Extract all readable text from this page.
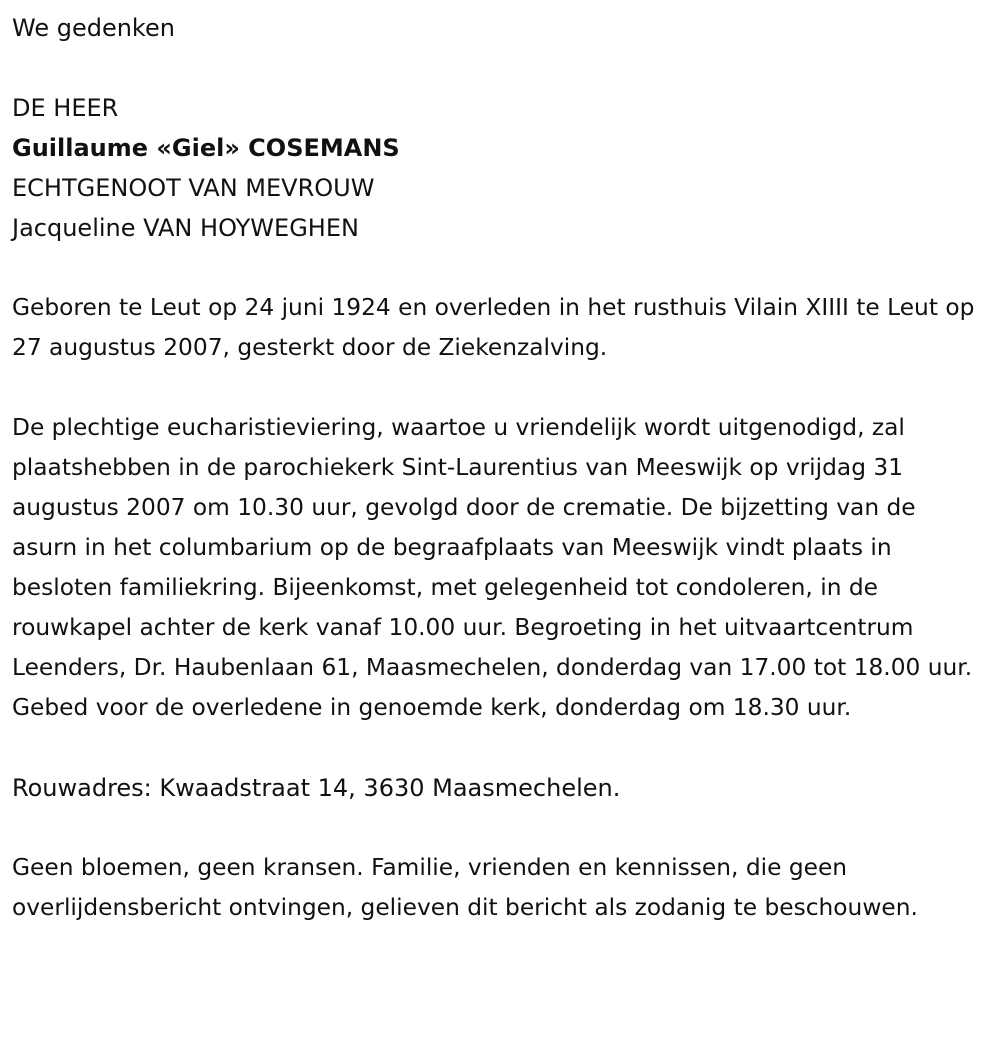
We gedenken

DE HEER

Guillaume «Giel» COSEMANS

ECHTGENOOT VAN MEVROUW

Jacqueline VAN HOYWEGHEN

Geboren te Leut op 24 juni 1924 en overleden in het rusthuis Vilain XIIII te Leut op 27 augustus 2007, gesterkt door de Ziekenzalving.

De plechtige eucharistieviering, waartoe u vriendelijk wordt uitgenodigd, zal plaatshebben in de parochiekerk Sint-Laurentius van Meeswijk op vrijdag 31 augustus 2007 om 10.30 uur, gevolgd door de crematie. De bijzetting van de asurn in het columbarium op de begraafplaats van Meeswijk vindt plaats in besloten familiekring. Bijeenkomst, met gelegenheid tot condoleren, in de rouwkapel achter de kerk vanaf 10.00 uur. Begroeting in het uitvaartcentrum Leenders, Dr. Haubenlaan 61, Maasmechelen, donderdag van 17.00 tot 18.00 uur. Gebed voor de overledene in genoemde kerk, donderdag om 18.30 uur.

Rouwadres: Kwaadstraat 14, 3630 Maasmechelen.

Geen bloemen, geen kransen. Familie, vrienden en kennissen, die geen overlijdensbericht ontvingen, gelieven dit bericht als zodanig te beschouwen.
